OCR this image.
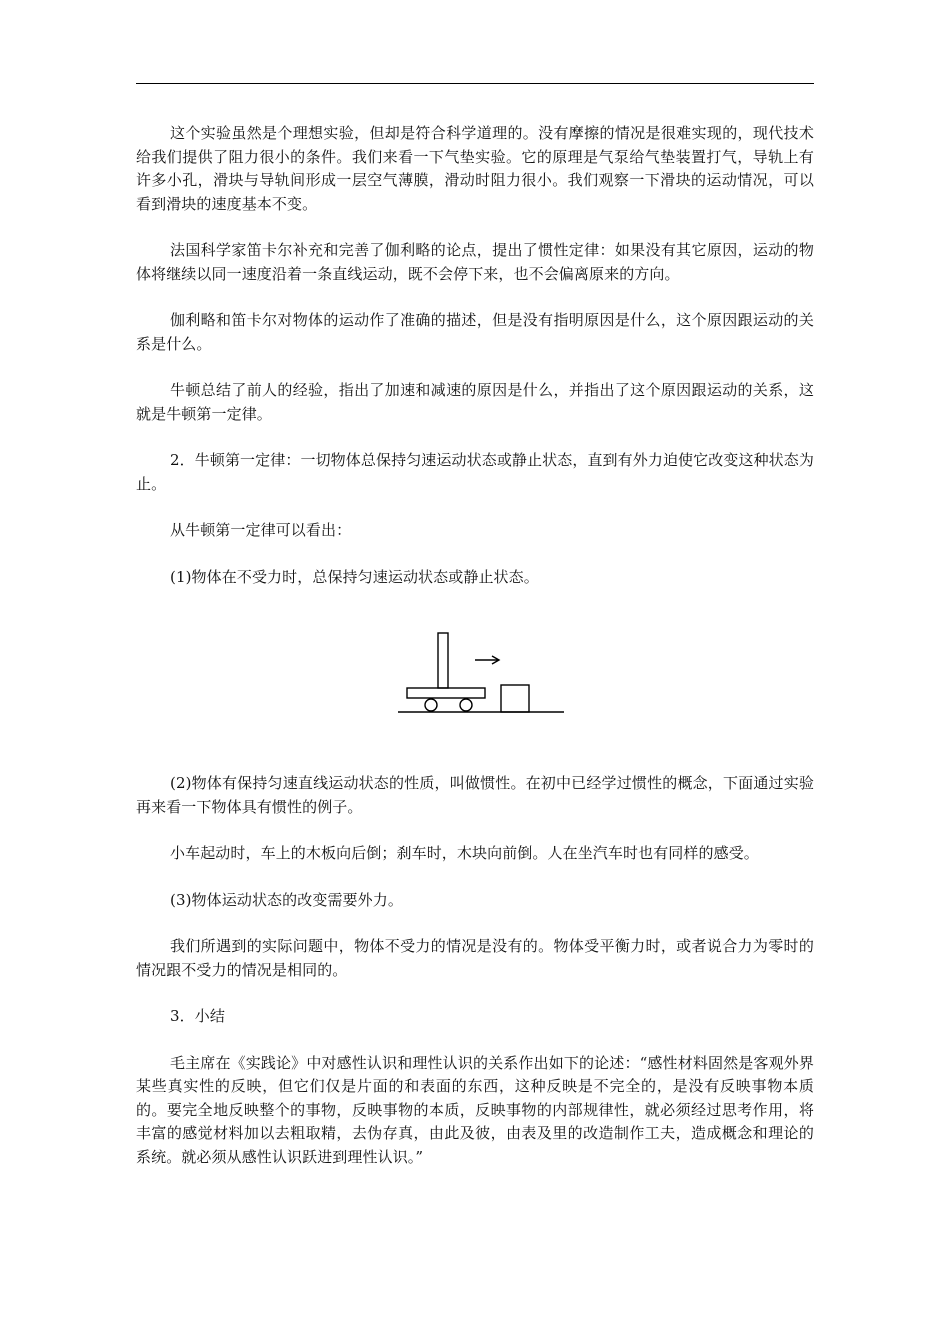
这个实验虽然是个理想实验，但却是符合科学道理的。没有摩擦的情况是很难实现的，现代技术给我们提供了阻力很小的条件。我们来看一下气垫实验。它的原理是气泵给气垫装置打气，导轨上有许多小孔，滑块与导轨间形成一层空气薄膜，滑动时阻力很小。我们观察一下滑块的运动情况，可以看到滑块的速度基本不变。

法国科学家笛卡尔补充和完善了伽利略的论点，提出了惯性定律：如果没有其它原因，运动的物体将继续以同一速度沿着一条直线运动，既不会停下来，也不会偏离原来的方向。

伽利略和笛卡尔对物体的运动作了准确的描述，但是没有指明原因是什么，这个原因跟运动的关系是什么。

牛顿总结了前人的经验，指出了加速和减速的原因是什么，并指出了这个原因跟运动的关系，这就是牛顿第一定律。

2．牛顿第一定律：一切物体总保持匀速运动状态或静止状态，直到有外力迫使它改变这种状态为止。

从牛顿第一定律可以看出：

(1)物体在不受力时，总保持匀速运动状态或静止状态。

(2)物体有保持匀速直线运动状态的性质，叫做惯性。在初中已经学过惯性的概念，下面通过实验再来看一下物体具有惯性的例子。

小车起动时，车上的木板向后倒；刹车时，木块向前倒。人在坐汽车时也有同样的感受。

(3)物体运动状态的改变需要外力。

我们所遇到的实际问题中，物体不受力的情况是没有的。物体受平衡力时，或者说合力为零时的情况跟不受力的情况是相同的。

3．小结

毛主席在《实践论》中对感性认识和理性认识的关系作出如下的论述：“感性材料固然是客观外界某些真实性的反映，但它们仅是片面的和表面的东西，这种反映是不完全的，是没有反映事物本质的。要完全地反映整个的事物，反映事物的本质，反映事物的内部规律性，就必须经过思考作用，将丰富的感觉材料加以去粗取精，去伪存真，由此及彼，由表及里的改造制作工夫，造成概念和理论的系统。就必须从感性认识跃进到理性认识。”
